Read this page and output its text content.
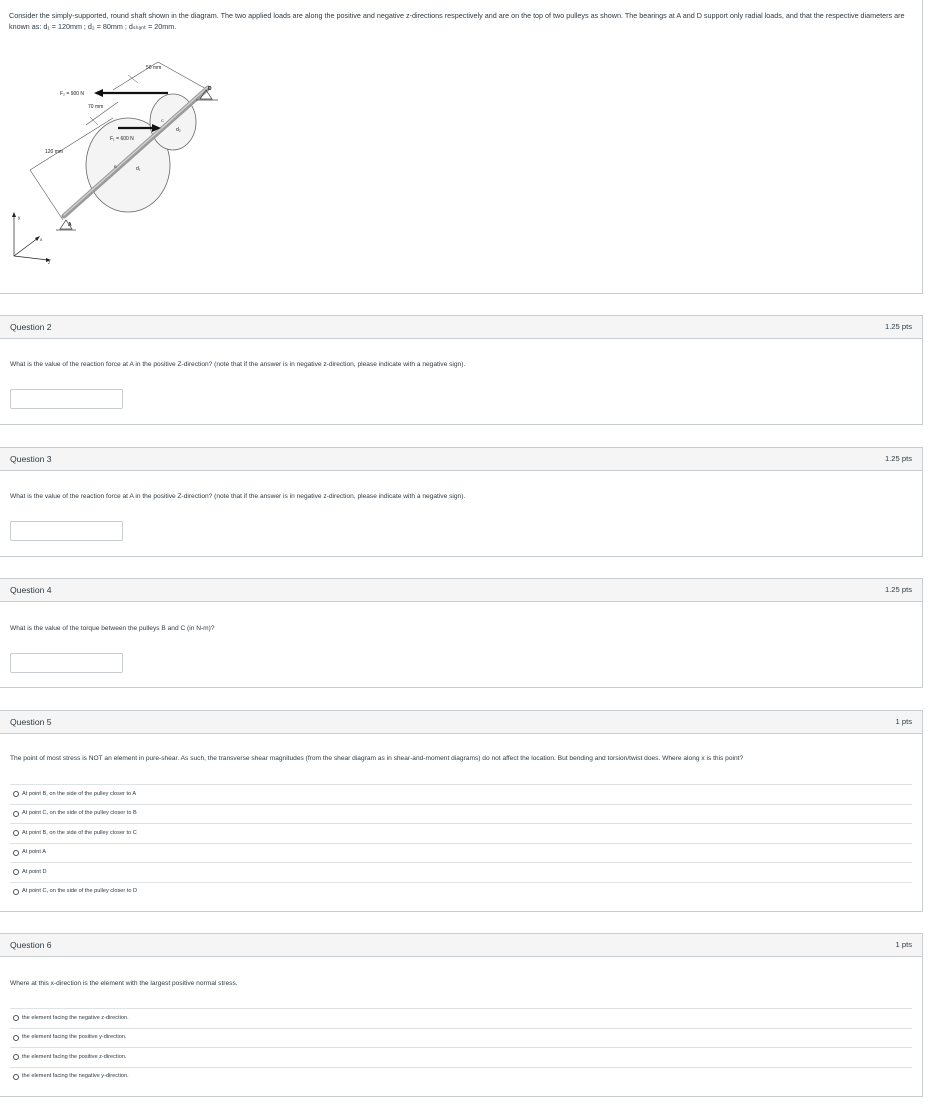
Consider the simply-supported, round shaft shown in the diagram. The two applied loads are along the positive and negative z-directions respectively and are on the top of two pulleys as shown. The bearings at A and D support only radial loads, and that the respective diameters are known as: d₁ = 120mm ; d₂ = 80mm ; dₛₕₐₙₜ = 20mm.
F₂ = 900 N
F₁ = 600 N
50 mm
70 mm
120 mm
A
B
C
D
d₁
d₂
y
x
z
Question 2	1.25 pts
What is the value of the reaction force at A in the positive Z-direction? (note that if the answer is in negative z-direction, please indicate with a negative sign).
Question 3	1.25 pts
What is the value of the reaction force at A in the positive Z-direction? (note that if the answer is in negative z-direction, please indicate with a negative sign).
Question 4	1.25 pts
What is the value of the torque between the pulleys B and C (in N-m)?
Question 5	1 pts
The point of most stress is NOT an element in pure-shear. As such, the transverse shear magnitudes (from the shear diagram as in shear-and-moment diagrams) do not affect the location. But bending and torsion/twist does. Where along x is this point?
At point B, on the side of the pulley closer to A
At point C, on the side of the pulley closer to B
At point B, on the side of the pulley closer to C
At point A
At point D
At point C, on the side of the pulley closer to D
Question 6	1 pts
Where at this x-direction is the element with the largest positive normal stress.
the element facing the negative z-direction.
the element facing the positive y-direction.
the element facing the positive z-direction.
the element facing the negative y-direction.
